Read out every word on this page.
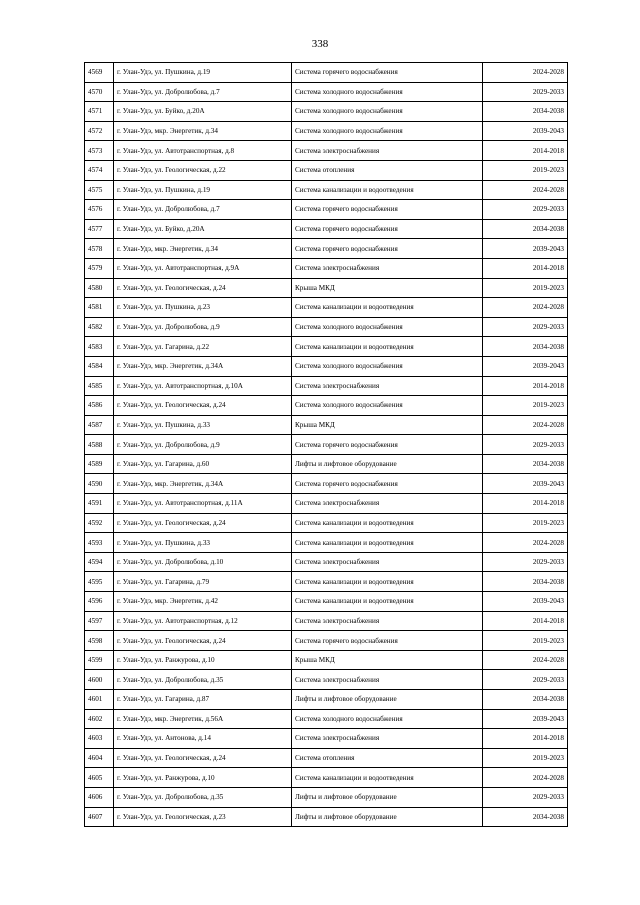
338
4569	г. Улан-Удэ, ул. Пушкина, д.19	Система горячего водоснабжения	2024-2028
4570	г. Улан-Удэ, ул. Добролюбова, д.7	Система холодного водоснабжения	2029-2033
4571	г. Улан-Удэ, ул. Буйко, д.20А	Система холодного водоснабжения	2034-2038
4572	г. Улан-Удэ, мкр. Энергетик, д.34	Система холодного водоснабжения	2039-2043
4573	г. Улан-Удэ, ул. Автотранспортная, д.8	Система электроснабжения	2014-2018
4574	г. Улан-Удэ, ул. Геологическая, д.22	Система отопления	2019-2023
4575	г. Улан-Удэ, ул. Пушкина, д.19	Система канализации и водоотведения	2024-2028
4576	г. Улан-Удэ, ул. Добролюбова, д.7	Система горячего водоснабжения	2029-2033
4577	г. Улан-Удэ, ул. Буйко, д.20А	Система горячего водоснабжения	2034-2038
4578	г. Улан-Удэ, мкр. Энергетик, д.34	Система горячего водоснабжения	2039-2043
4579	г. Улан-Удэ, ул. Автотранспортная, д.9А	Система электроснабжения	2014-2018
4580	г. Улан-Удэ, ул. Геологическая, д.24	Крыша МКД	2019-2023
4581	г. Улан-Удэ, ул. Пушкина, д.23	Система канализации и водоотведения	2024-2028
4582	г. Улан-Удэ, ул. Добролюбова, д.9	Система холодного водоснабжения	2029-2033
4583	г. Улан-Удэ, ул. Гагарина, д.22	Система канализации и водоотведения	2034-2038
4584	г. Улан-Удэ, мкр. Энергетик, д.34А	Система холодного водоснабжения	2039-2043
4585	г. Улан-Удэ, ул. Автотранспортная, д.10А	Система электроснабжения	2014-2018
4586	г. Улан-Удэ, ул. Геологическая, д.24	Система холодного водоснабжения	2019-2023
4587	г. Улан-Удэ, ул. Пушкина, д.33	Крыша МКД	2024-2028
4588	г. Улан-Удэ, ул. Добролюбова, д.9	Система горячего водоснабжения	2029-2033
4589	г. Улан-Удэ, ул. Гагарина, д.60	Лифты и лифтовое оборудование	2034-2038
4590	г. Улан-Удэ, мкр. Энергетик, д.34А	Система горячего водоснабжения	2039-2043
4591	г. Улан-Удэ, ул. Автотранспортная, д.11А	Система электроснабжения	2014-2018
4592	г. Улан-Удэ, ул. Геологическая, д.24	Система канализации и водоотведения	2019-2023
4593	г. Улан-Удэ, ул. Пушкина, д.33	Система канализации и водоотведения	2024-2028
4594	г. Улан-Удэ, ул. Добролюбова, д.10	Система электроснабжения	2029-2033
4595	г. Улан-Удэ, ул. Гагарина, д.79	Система канализации и водоотведения	2034-2038
4596	г. Улан-Удэ, мкр. Энергетик, д.42	Система канализации и водоотведения	2039-2043
4597	г. Улан-Удэ, ул. Автотранспортная, д.12	Система электроснабжения	2014-2018
4598	г. Улан-Удэ, ул. Геологическая, д.24	Система горячего водоснабжения	2019-2023
4599	г. Улан-Удэ, ул. Ранжурова, д.10	Крыша МКД	2024-2028
4600	г. Улан-Удэ, ул. Добролюбова, д.35	Система электроснабжения	2029-2033
4601	г. Улан-Удэ, ул. Гагарина, д.87	Лифты и лифтовое оборудование	2034-2038
4602	г. Улан-Удэ, мкр. Энергетик, д.56А	Система холодного водоснабжения	2039-2043
4603	г. Улан-Удэ, ул. Антонова, д.14	Система электроснабжения	2014-2018
4604	г. Улан-Удэ, ул. Геологическая, д.24	Система отопления	2019-2023
4605	г. Улан-Удэ, ул. Ранжурова, д.10	Система канализации и водоотведения	2024-2028
4606	г. Улан-Удэ, ул. Добролюбова, д.35	Лифты и лифтовое оборудование	2029-2033
4607	г. Улан-Удэ, ул. Геологическая, д.23	Лифты и лифтовое оборудование	2034-2038
